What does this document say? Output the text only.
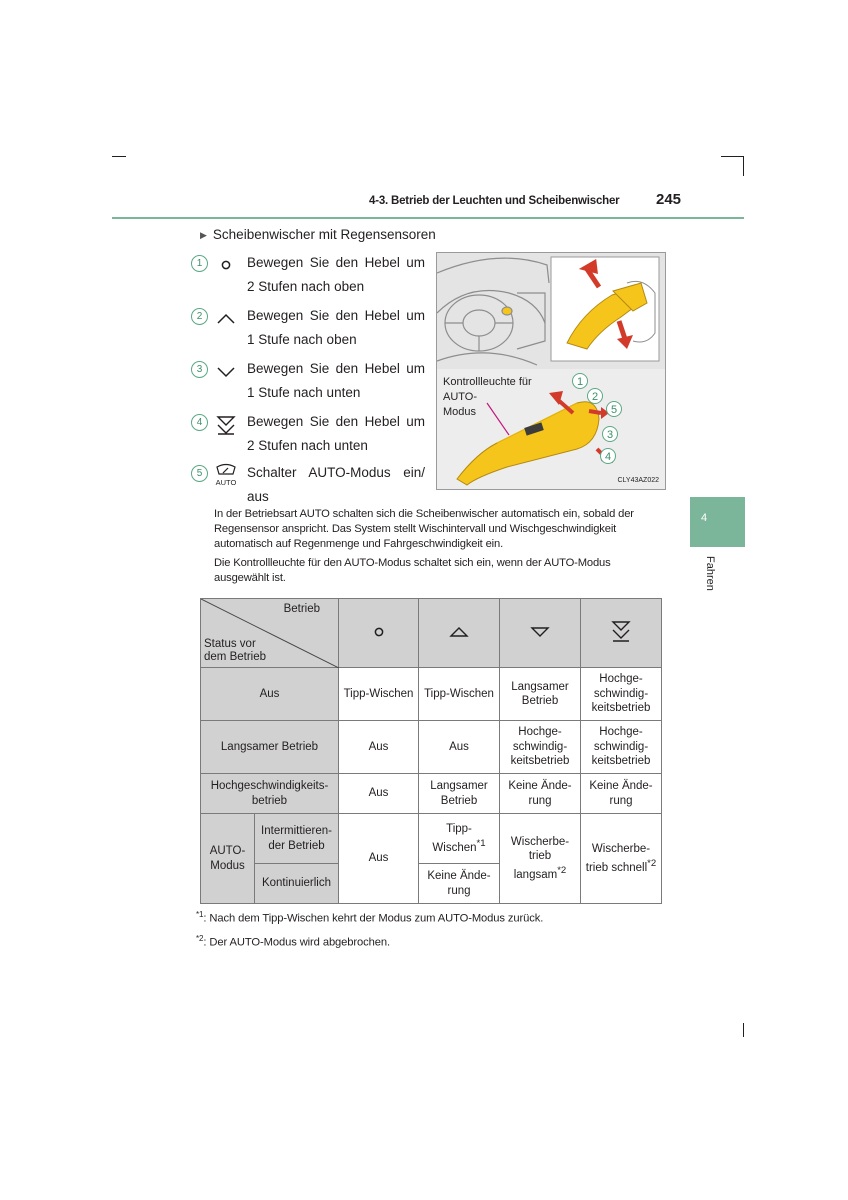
4-3. Betrieb der Leuchten und Scheibenwischer 245
4
Fahren
▶ Scheibenwischer mit Regensensoren
1	Bewegen Sie den Hebel um 2 Stufen nach oben
2	Bewegen Sie den Hebel um 1 Stufe nach oben
3	Bewegen Sie den Hebel um 1 Stufe nach unten
4	Bewegen Sie den Hebel um 2 Stufen nach unten
5
AUTO
Schalter AUTO-Modus ein/ aus
Kontrollleuchte für
AUTO-
Modus
1
2
5
3
4
CLY43AZ022
In der Betriebsart AUTO schalten sich die Scheibenwischer automatisch ein, sobald der Regensensor anspricht. Das System stellt Wischintervall und Wischgeschwindigkeit automatisch auf Regenmenge und Fahrgeschwindigkeit ein.
Die Kontrollleuchte für den AUTO-Modus schaltet sich ein, wenn der AUTO-Modus ausgewählt ist.
Betrieb
Status vor dem Betrieb

Aus		Tipp-Wischen	Tipp-Wischen	Langsamer Betrieb	Hochge-schwindig-keitsbetrieb
Langsamer Betrieb		Aus	Aus	Hochge-schwindig-keitsbetrieb	Hochge-schwindig-keitsbetrieb
Hochgeschwindigkeits-betrieb		Aus	Langsamer Betrieb	Keine Ände-rung	Keine Ände-rung
AUTO-Modus	Intermittieren-der Betrieb	Aus	Tipp-Wischen$^{*1}$	Wischerbe-trieb langsam$^{*2}$	Wischerbe-trieb schnell$^{*2}$
	Kontinuierlich		Keine Ände-rung		
$^{*1}$: Nach dem Tipp-Wischen kehrt der Modus zum AUTO-Modus zurück.
$^{*2}$: Der AUTO-Modus wird abgebrochen.
